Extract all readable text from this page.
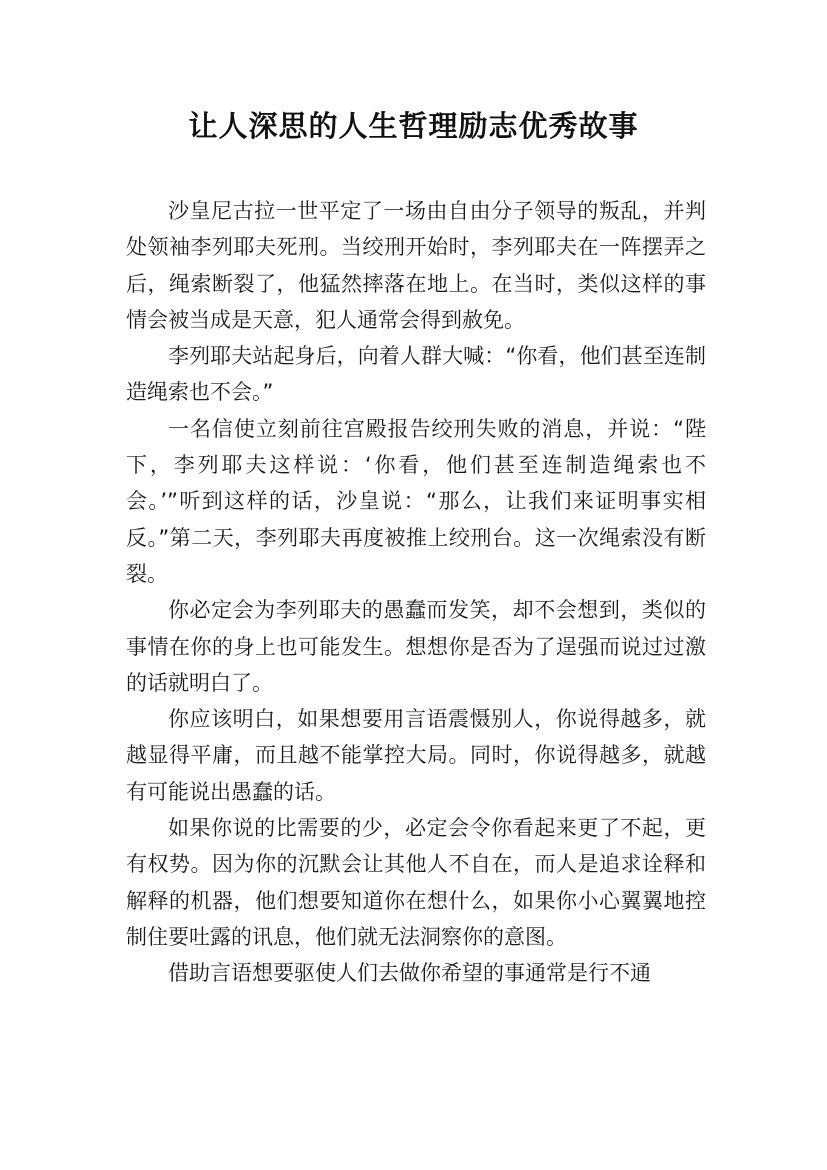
让人深思的人生哲理励志优秀故事

沙皇尼古拉一世平定了一场由自由分子领导的叛乱，并判处领袖李列耶夫死刑。当绞刑开始时，李列耶夫在一阵摆弄之后，绳索断裂了，他猛然摔落在地上。在当时，类似这样的事情会被当成是天意，犯人通常会得到赦免。

李列耶夫站起身后，向着人群大喊：“你看，他们甚至连制造绳索也不会。”

一名信使立刻前往宫殿报告绞刑失败的消息，并说：“陛下，李列耶夫这样说：‘你看，他们甚至连制造绳索也不会。’”听到这样的话，沙皇说：“那么，让我们来证明事实相反。”第二天，李列耶夫再度被推上绞刑台。这一次绳索没有断裂。

你必定会为李列耶夫的愚蠢而发笑，却不会想到，类似的事情在你的身上也可能发生。想想你是否为了逞强而说过过激的话就明白了。

你应该明白，如果想要用言语震慑别人，你说得越多，就越显得平庸，而且越不能掌控大局。同时，你说得越多，就越有可能说出愚蠢的话。

如果你说的比需要的少，必定会令你看起来更了不起，更有权势。因为你的沉默会让其他人不自在，而人是追求诠释和解释的机器，他们想要知道你在想什么，如果你小心翼翼地控制住要吐露的讯息，他们就无法洞察你的意图。

借助言语想要驱使人们去做你希望的事通常是行不通
